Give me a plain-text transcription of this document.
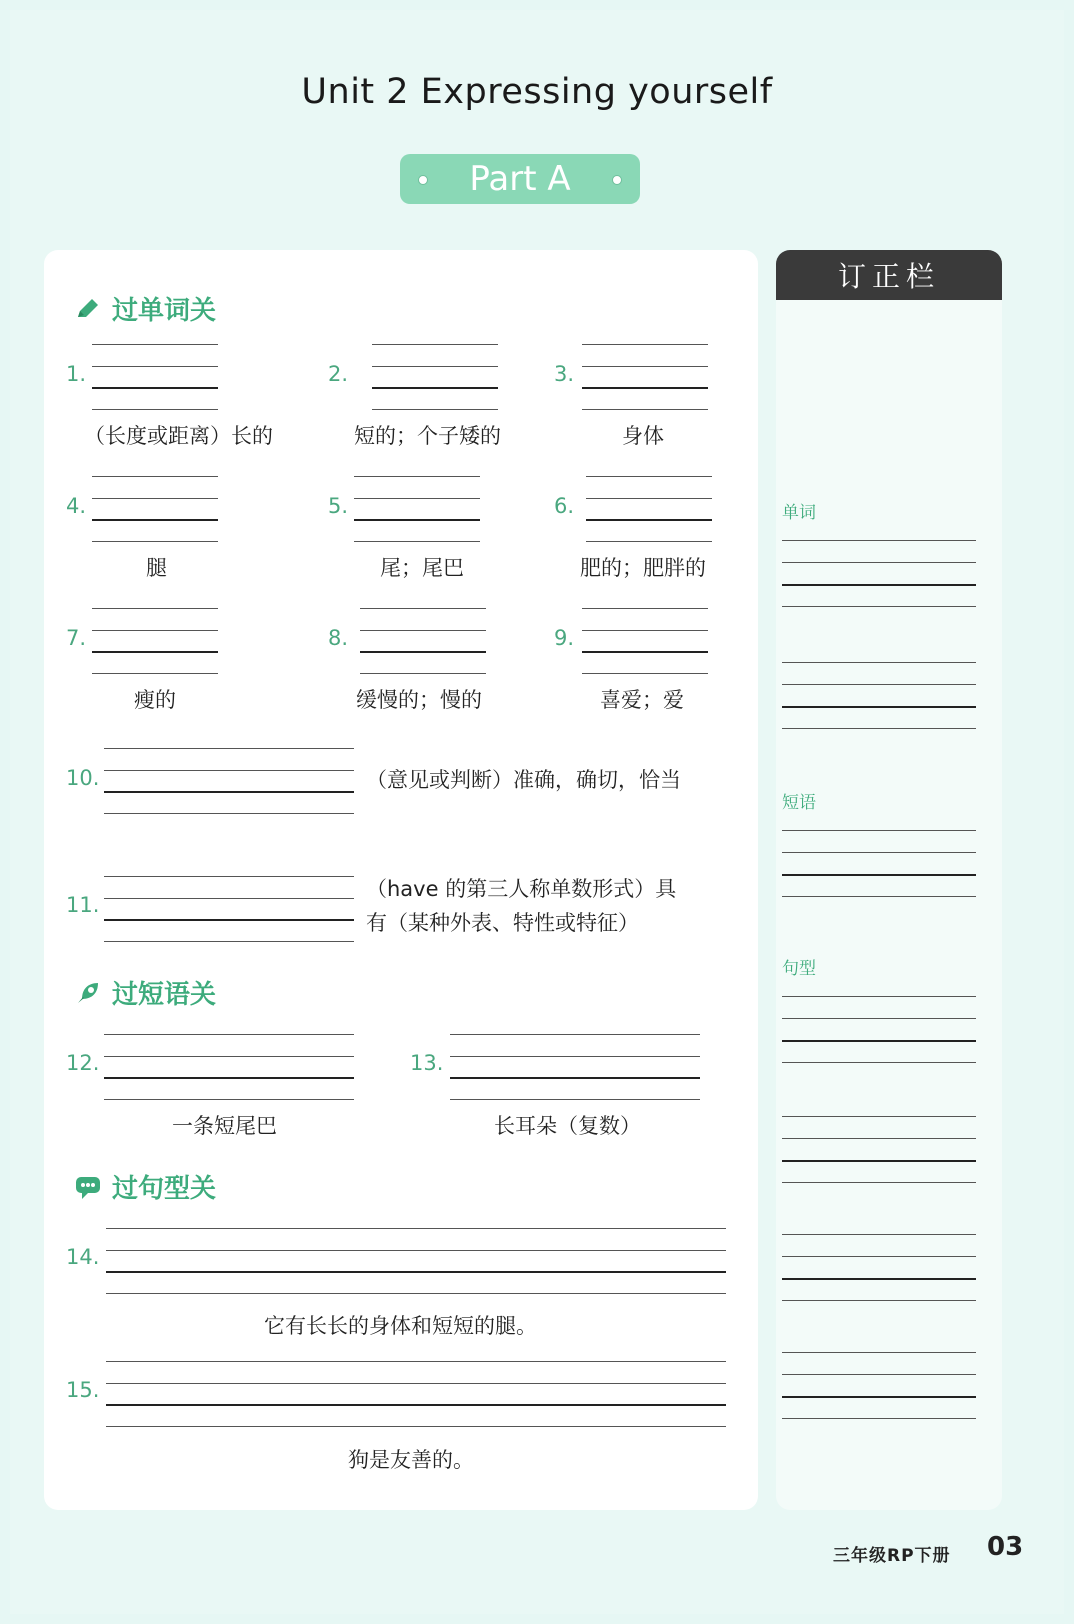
Unit 2 Expressing yourself
Part A
订正栏
过单词关
1.
（长度或距离）长的
2.
短的；个子矮的
3.
身体
4.
腿
5.
尾；尾巴
6.
肥的；肥胖的
7.
瘦的
8.
缓慢的；慢的
9.
喜爱；爱
10.	（意见或判断）准确，确切，恰当
11.
（have 的第三人称单数形式）具
有（某种外表、特性或特征）
过短语关
12.
一条短尾巴
13.
长耳朵（复数）
过句型关
14.
它有长长的身体和短短的腿。
15.
狗是友善的。
单词
短语
句型
三年级RP下册 03
